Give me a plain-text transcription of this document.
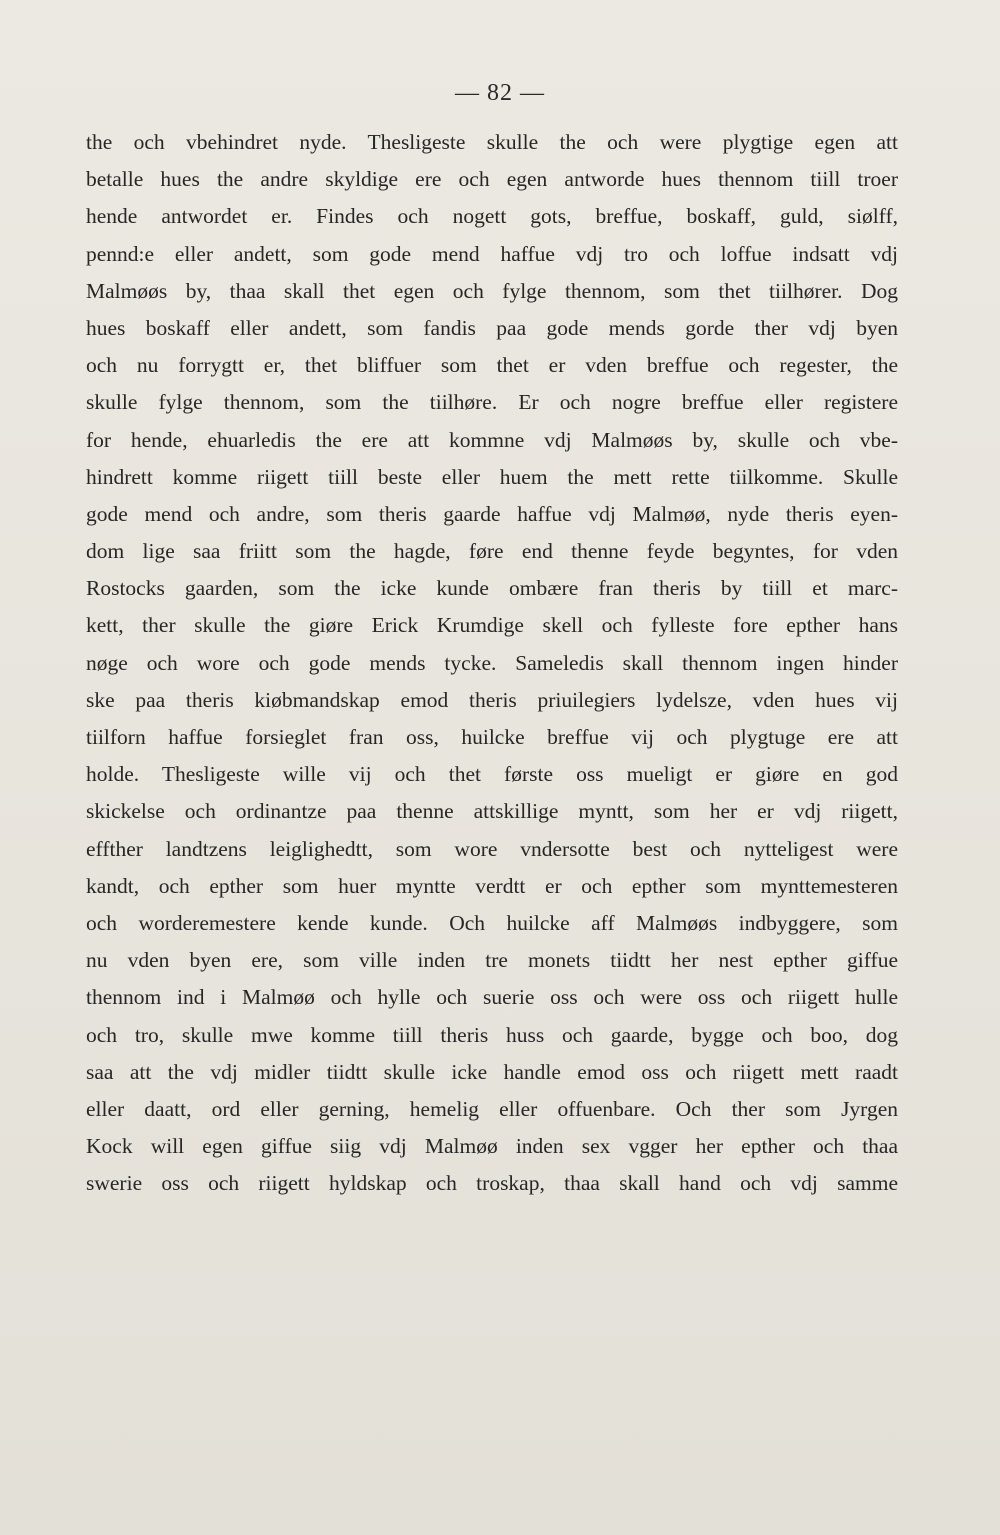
— 82 —
the och vbehindret nyde. Thesligeste skulle the och were plygtige egen att
betalle hues the andre skyldige ere och egen antworde hues thennom tiill troer
hende antwordet er. Findes och nogett gots, breffue, boskaff, guld, siølff,
pennd:e eller andett, som gode mend haffue vdj tro och loffue indsatt vdj
Malmøøs by, thaa skall thet egen och fylge thennom, som thet tiilhører. Dog
hues boskaff eller andett, som fandis paa gode mends gorde ther vdj byen
och nu forrygtt er, thet bliffuer som thet er vden breffue och regester, the
skulle fylge thennom, som the tiilhøre. Er och nogre breffue eller registere
for hende, ehuarledis the ere att kommne vdj Malmøøs by, skulle och vbe-
hindrett komme riigett tiill beste eller huem the mett rette tiilkomme. Skulle
gode mend och andre, som theris gaarde haffue vdj Malmøø, nyde theris eyen-
dom lige saa friitt som the hagde, føre end thenne feyde begyntes, for vden
Rostocks gaarden, som the icke kunde ombære fran theris by tiill et marc-
kett, ther skulle the giøre Erick Krumdige skell och fylleste fore epther hans
nøge och wore och gode mends tycke. Sameledis skall thennom ingen hinder
ske paa theris kiøbmandskap emod theris priuilegiers lydelsze, vden hues vij
tiilforn haffue forsieglet fran oss, huilcke breffue vij och plygtuge ere att
holde. Thesligeste wille vij och thet første oss mueligt er giøre en god
skickelse och ordinantze paa thenne attskillige myntt, som her er vdj riigett,
effther landtzens leiglighedtt, som wore vndersotte best och nytteligest were
kandt, och epther som huer myntte verdtt er och epther som mynttemesteren
och worderemestere kende kunde. Och huilcke aff Malmøøs indbyggere, som
nu vden byen ere, som ville inden tre monets tiidtt her nest epther giffue
thennom ind i Malmøø och hylle och suerie oss och were oss och riigett hulle
och tro, skulle mwe komme tiill theris huss och gaarde, bygge och boo, dog
saa att the vdj midler tiidtt skulle icke handle emod oss och riigett mett raadt
eller daatt, ord eller gerning, hemelig eller offuenbare. Och ther som Jyrgen
Kock will egen giffue siig vdj Malmøø inden sex vgger her epther och thaa
swerie oss och riigett hyldskap och troskap, thaa skall hand och vdj samme
